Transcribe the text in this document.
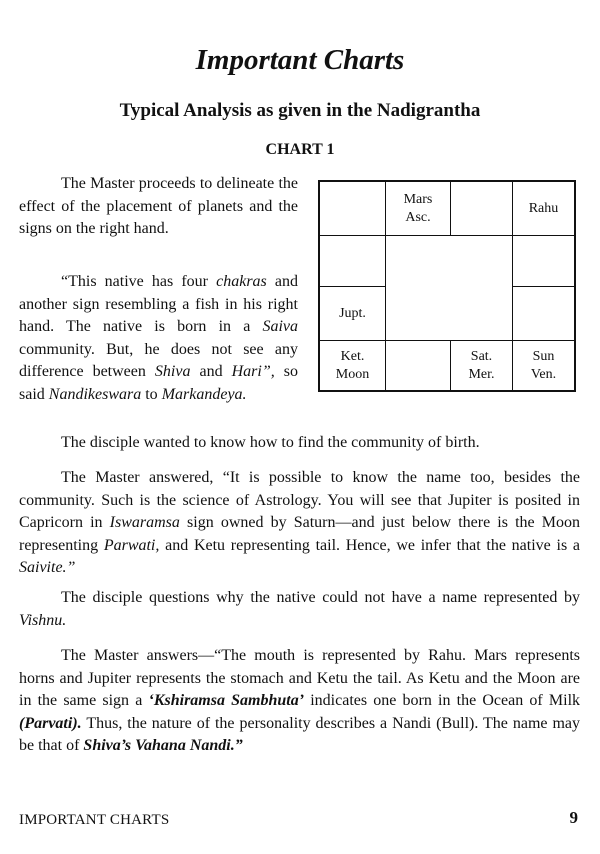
Important Charts
Typical Analysis as given in the Nadigrantha
CHART 1

The Master proceeds to delineate the effect of the placement of planets and the signs on the right hand.

“This native has four chakras and another sign resembling a fish in his right hand. The native is born in a Saiva community. But, he does not see any difference between Shiva and Hari”, so said Nandikeswara to Markandeya.

Mars
Asc.
Rahu
Jupt.
Ket.
Moon
Sat.
Mer.
Sun
Ven.

The disciple wanted to know how to find the community of birth.

The Master answered, “It is possible to know the name too, besides the community. Such is the science of Astrology. You will see that Jupiter is posited in Capricorn in Iswaramsa sign owned by Saturn—and just below there is the Moon representing Parwati, and Ketu representing tail. Hence, we infer that the native is a Saivite.”

The disciple questions why the native could not have a name represented by Vishnu.

The Master answers—“The mouth is represented by Rahu. Mars represents horns and Jupiter represents the stomach and Ketu the tail. As Ketu and the Moon are in the same sign a ‘Kshiramsa Sambhuta’ indicates one born in the Ocean of Milk (Parvati). Thus, the nature of the personality describes a Nandi (Bull). The name may be that of Shiva’s Vahana Nandi.”

IMPORTANT CHARTS	9
